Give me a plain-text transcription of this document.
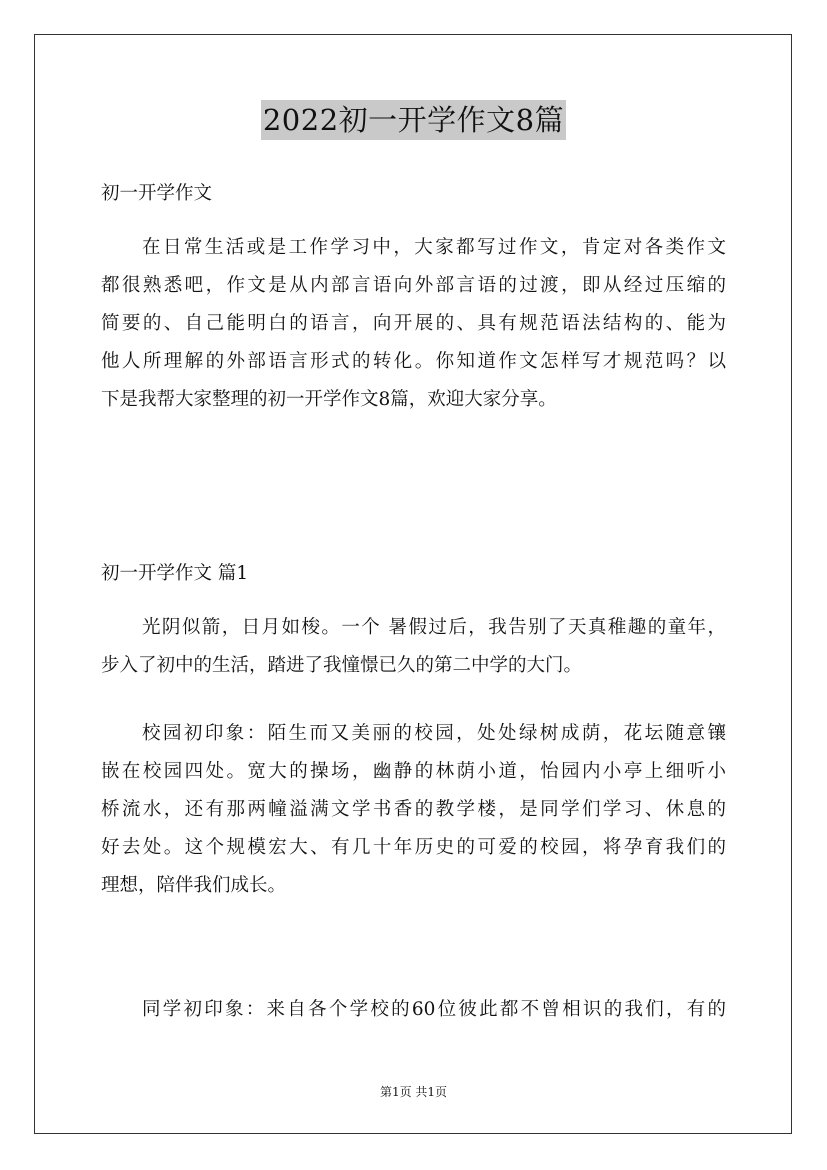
2022初一开学作文8篇
初一开学作文

在日常生活或是工作学习中，大家都写过作文，肯定对各类作文

都很熟悉吧，作文是从内部言语向外部言语的过渡，即从经过压缩的

简要的、自己能明白的语言，向开展的、具有规范语法结构的、能为

他人所理解的外部语言形式的转化。你知道作文怎样写才规范吗？以

下是我帮大家整理的初一开学作文8篇，欢迎大家分享。

初一开学作文 篇1

光阴似箭，日月如梭。一个 暑假过后，我告别了天真稚趣的童年，

步入了初中的生活，踏进了我憧憬已久的第二中学的大门。

校园初印象：陌生而又美丽的校园，处处绿树成荫，花坛随意镶

嵌在校园四处。宽大的操场，幽静的林荫小道，怡园内小亭上细听小

桥流水，还有那两幢溢满文学书香的教学楼，是同学们学习、休息的

好去处。这个规模宏大、有几十年历史的可爱的校园，将孕育我们的

理想，陪伴我们成长。

同学初印象：来自各个学校的60位彼此都不曾相识的我们，有的

第1页 共1页
